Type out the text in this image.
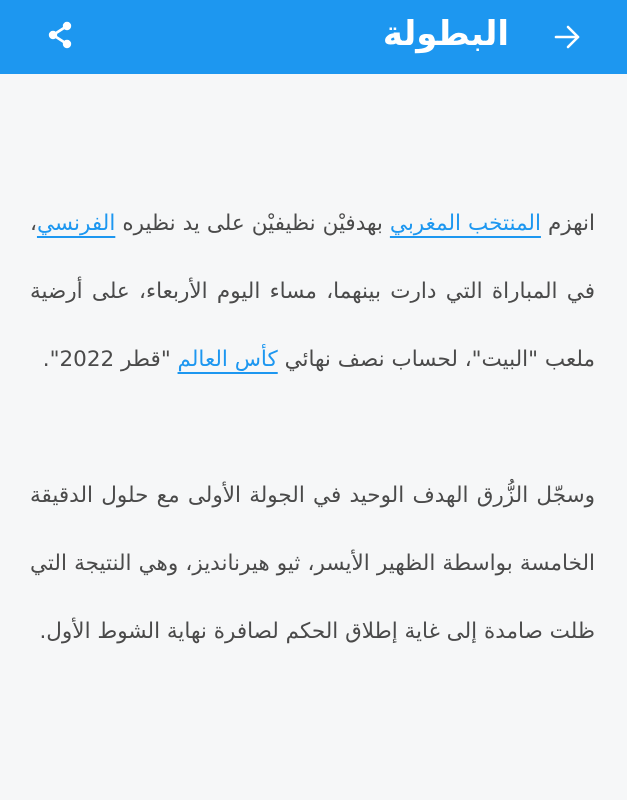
البطولة

انهزم المنتخب المغربي بهدفيْن نظيفيْن على يد نظيره الفرنسي، في المباراة التي دارت بينهما، مساء اليوم الأربعاء، على أرضية ملعب "البيت"، لحساب نصف نهائي كأس العالم "قطر 2022".

وسجّل الزُّرق الهدف الوحيد في الجولة الأولى مع حلول الدقيقة الخامسة بواسطة الظهير الأيسر، ثيو هيرنانديز، وهي النتيجة التي ظلت صامدة إلى غاية إطلاق الحكم لصافرة نهاية الشوط الأول.
